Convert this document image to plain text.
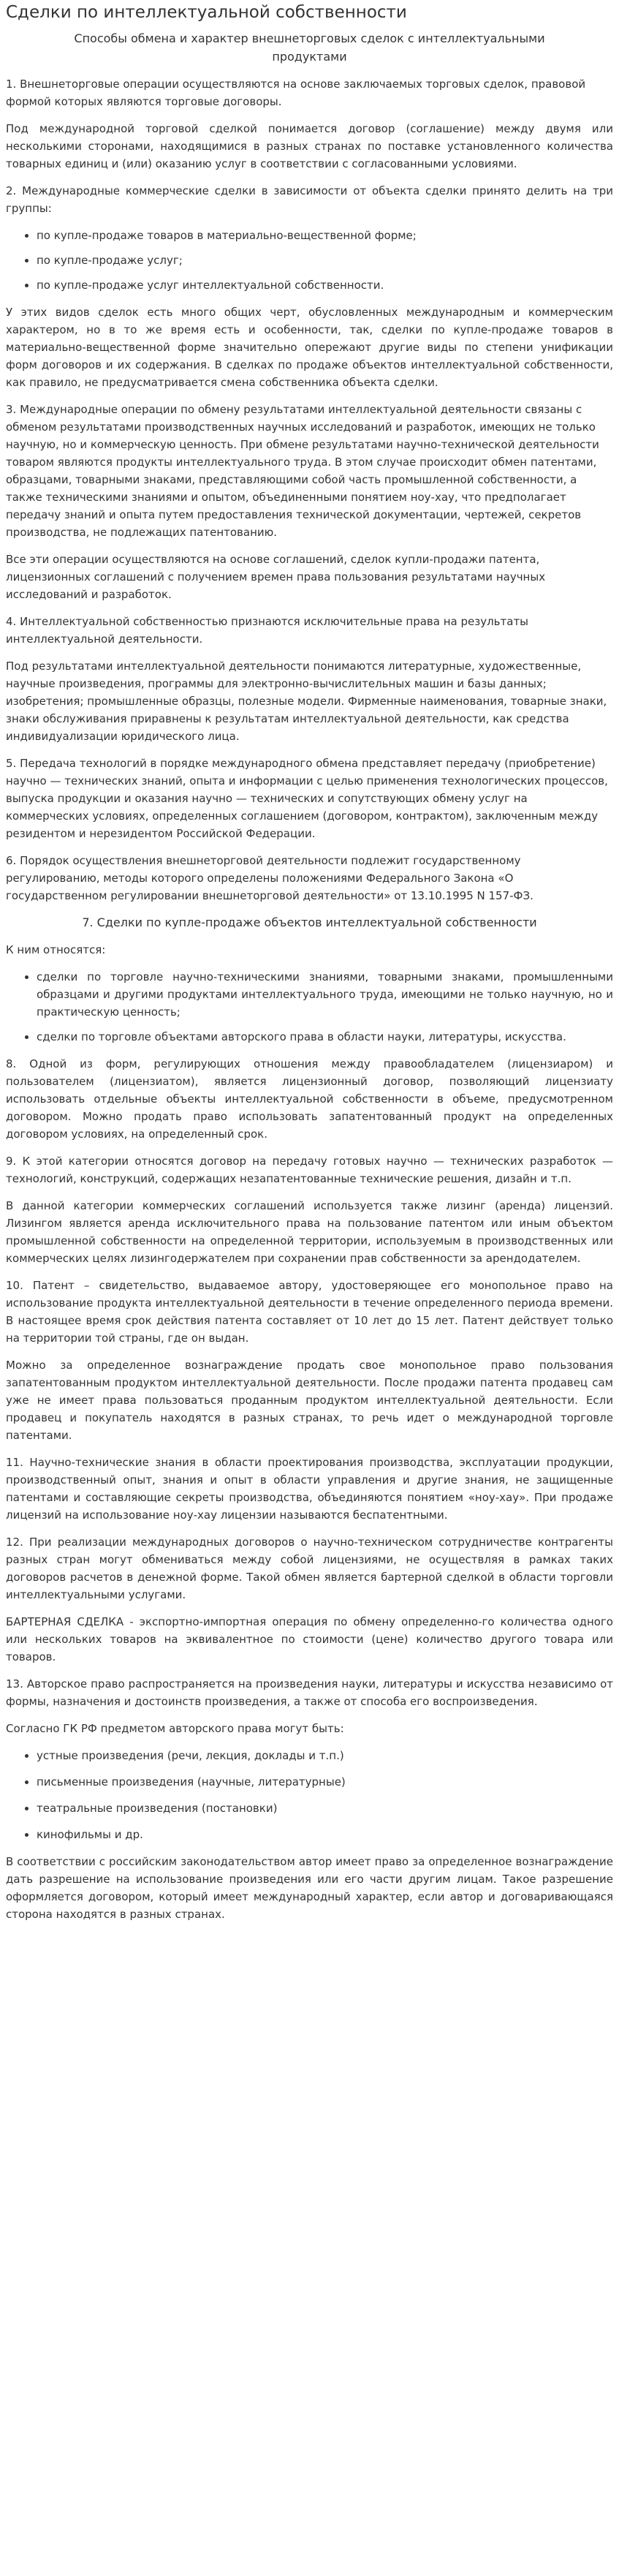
Сделки по интеллектуальной собственности
Способы обмена и характер внешнеторговых сделок с интеллектуальными продуктами

1. Внешнеторговые операции осуществляются на основе заключаемых торговых сделок, правовой формой которых являются торговые договоры.

Под международной торговой сделкой понимается договор (соглашение) между двумя или несколькими сторонами, находящимися в разных странах по поставке установленного количества товарных единиц и (или) оказанию услуг в соответствии с согласованными условиями.

2. Международные коммерческие сделки в зависимости от объекта сделки принято делить на три группы:

• по купле-продаже товаров в материально-вещественной форме;
• по купле-продаже услуг;
• по купле-продаже услуг интеллектуальной собственности.

У этих видов сделок есть много общих черт, обусловленных международным и коммерческим характером, но в то же время есть и особенности, так, сделки по купле-продаже товаров в материально-вещественной форме значительно опережают другие виды по степени унификации форм договоров и их содержания. В сделках по продаже объектов интеллектуальной собственности, как правило, не предусматривается смена собственника объекта сделки.

3. Международные операции по обмену результатами интеллектуальной деятельности связаны с обменом результатами производственных научных исследований и разработок, имеющих не только научную, но и коммерческую ценность. При обмене результатами научно-технической деятельности товаром являются продукты интеллектуального труда. В этом случае происходит обмен патентами, образцами, товарными знаками, представляющими собой часть промышленной собственности, а также техническими знаниями и опытом, объединенными понятием ноу-хау, что предполагает передачу знаний и опыта путем предоставления технической документации, чертежей, секретов производства, не подлежащих патентованию.

Все эти операции осуществляются на основе соглашений, сделок купли-продажи патента, лицензионных соглашений с получением времен права пользования результатами научных исследований и разработок.

4. Интеллектуальной собственностью признаются исключительные права на результаты интеллектуальной деятельности.

Под результатами интеллектуальной деятельности понимаются литературные, художественные, научные произведения, программы для электронно-вычислительных машин и базы данных; изобретения; промышленные образцы, полезные модели. Фирменные наименования, товарные знаки, знаки обслуживания приравнены к результатам интеллектуальной деятельности, как средства индивидуализации юридического лица.

5. Передача технологий в порядке международного обмена представляет передачу (приобретение) научно — технических знаний, опыта и информации с целью применения технологических процессов, выпуска продукции и оказания научно — технических и сопутствующих обмену услуг на коммерческих условиях, определенных соглашением (договором, контрактом), заключенным между резидентом и нерезидентом Российской Федерации.

6. Порядок осуществления внешнеторговой деятельности подлежит государственному регулированию, методы которого определены положениями Федерального Закона «О государственном регулировании внешнеторговой деятельности» от 13.10.1995 N 157-ФЗ.

7. Сделки по купле-продаже объектов интеллектуальной собственности

К ним относятся:

• сделки по торговле научно-техническими знаниями, товарными знаками, промышленными образцами и другими продуктами интеллектуального труда, имеющими не только научную, но и практическую ценность;
• сделки по торговле объектами авторского права в области науки, литературы, искусства.

8. Одной из форм, регулирующих отношения между правообладателем (лицензиаром) и пользователем (лицензиатом), является лицензионный договор, позволяющий лицензиату использовать отдельные объекты интеллектуальной собственности в объеме, предусмотренном договором. Можно продать право использовать запатентованный продукт на определенных договором условиях, на определенный срок.

9. К этой категории относятся договор на передачу готовых научно — технических разработок — технологий, конструкций, содержащих незапатентованные технические решения, дизайн и т.п.

В данной категории коммерческих соглашений используется также лизинг (аренда) лицензий. Лизингом является аренда исключительного права на пользование патентом или иным объектом промышленной собственности на определенной территории, используемым в производственных или коммерческих целях лизингодержателем при сохранении прав собственности за арендодателем.

10. Патент – свидетельство, выдаваемое автору, удостоверяющее его монопольное право на использование продукта интеллектуальной деятельности в течение определенного периода времени. В настоящее время срок действия патента составляет от 10 лет до 15 лет. Патент действует только на территории той страны, где он выдан.

Можно за определенное вознаграждение продать свое монопольное право пользования запатентованным продуктом интеллектуальной деятельности. После продажи патента продавец сам уже не имеет права пользоваться проданным продуктом интеллектуальной деятельности. Если продавец и покупатель находятся в разных странах, то речь идет о международной торговле патентами.

11. Научно-технические знания в области проектирования производства, эксплуатации продукции, производственный опыт, знания и опыт в области управления и другие знания, не защищенные патентами и составляющие секреты производства, объединяются понятием «ноу-хау». При продаже лицензий на использование ноу-хау лицензии называются беспатентными.

12. При реализации международных договоров о научно-техническом сотрудничестве контрагенты разных стран могут обмениваться между собой лицензиями, не осуществляя в рамках таких договоров расчетов в денежной форме. Такой обмен является бартерной сделкой в области торговли интеллектуальными услугами.

БАРТЕРНАЯ СДЕЛКА - экспортно-импортная операция по обмену определенно-го количества одного или нескольких товаров на эквивалентное по стоимости (цене) количество другого товара или товаров.

13. Авторское право распространяется на произведения науки, литературы и искусства независимо от формы, назначения и достоинств произведения, а также от способа его воспроизведения.

Согласно ГК РФ предметом авторского права могут быть:

• устные произведения (речи, лекция, доклады и т.п.)
• письменные произведения (научные, литературные)
• театральные произведения (постановки)
• кинофильмы и др.

В соответствии с российским законодательством автор имеет право за определенное вознаграждение дать разрешение на использование произведения или его части другим лицам. Такое разрешение оформляется договором, который имеет международный характер, если автор и договаривающаяся сторона находятся в разных странах.
